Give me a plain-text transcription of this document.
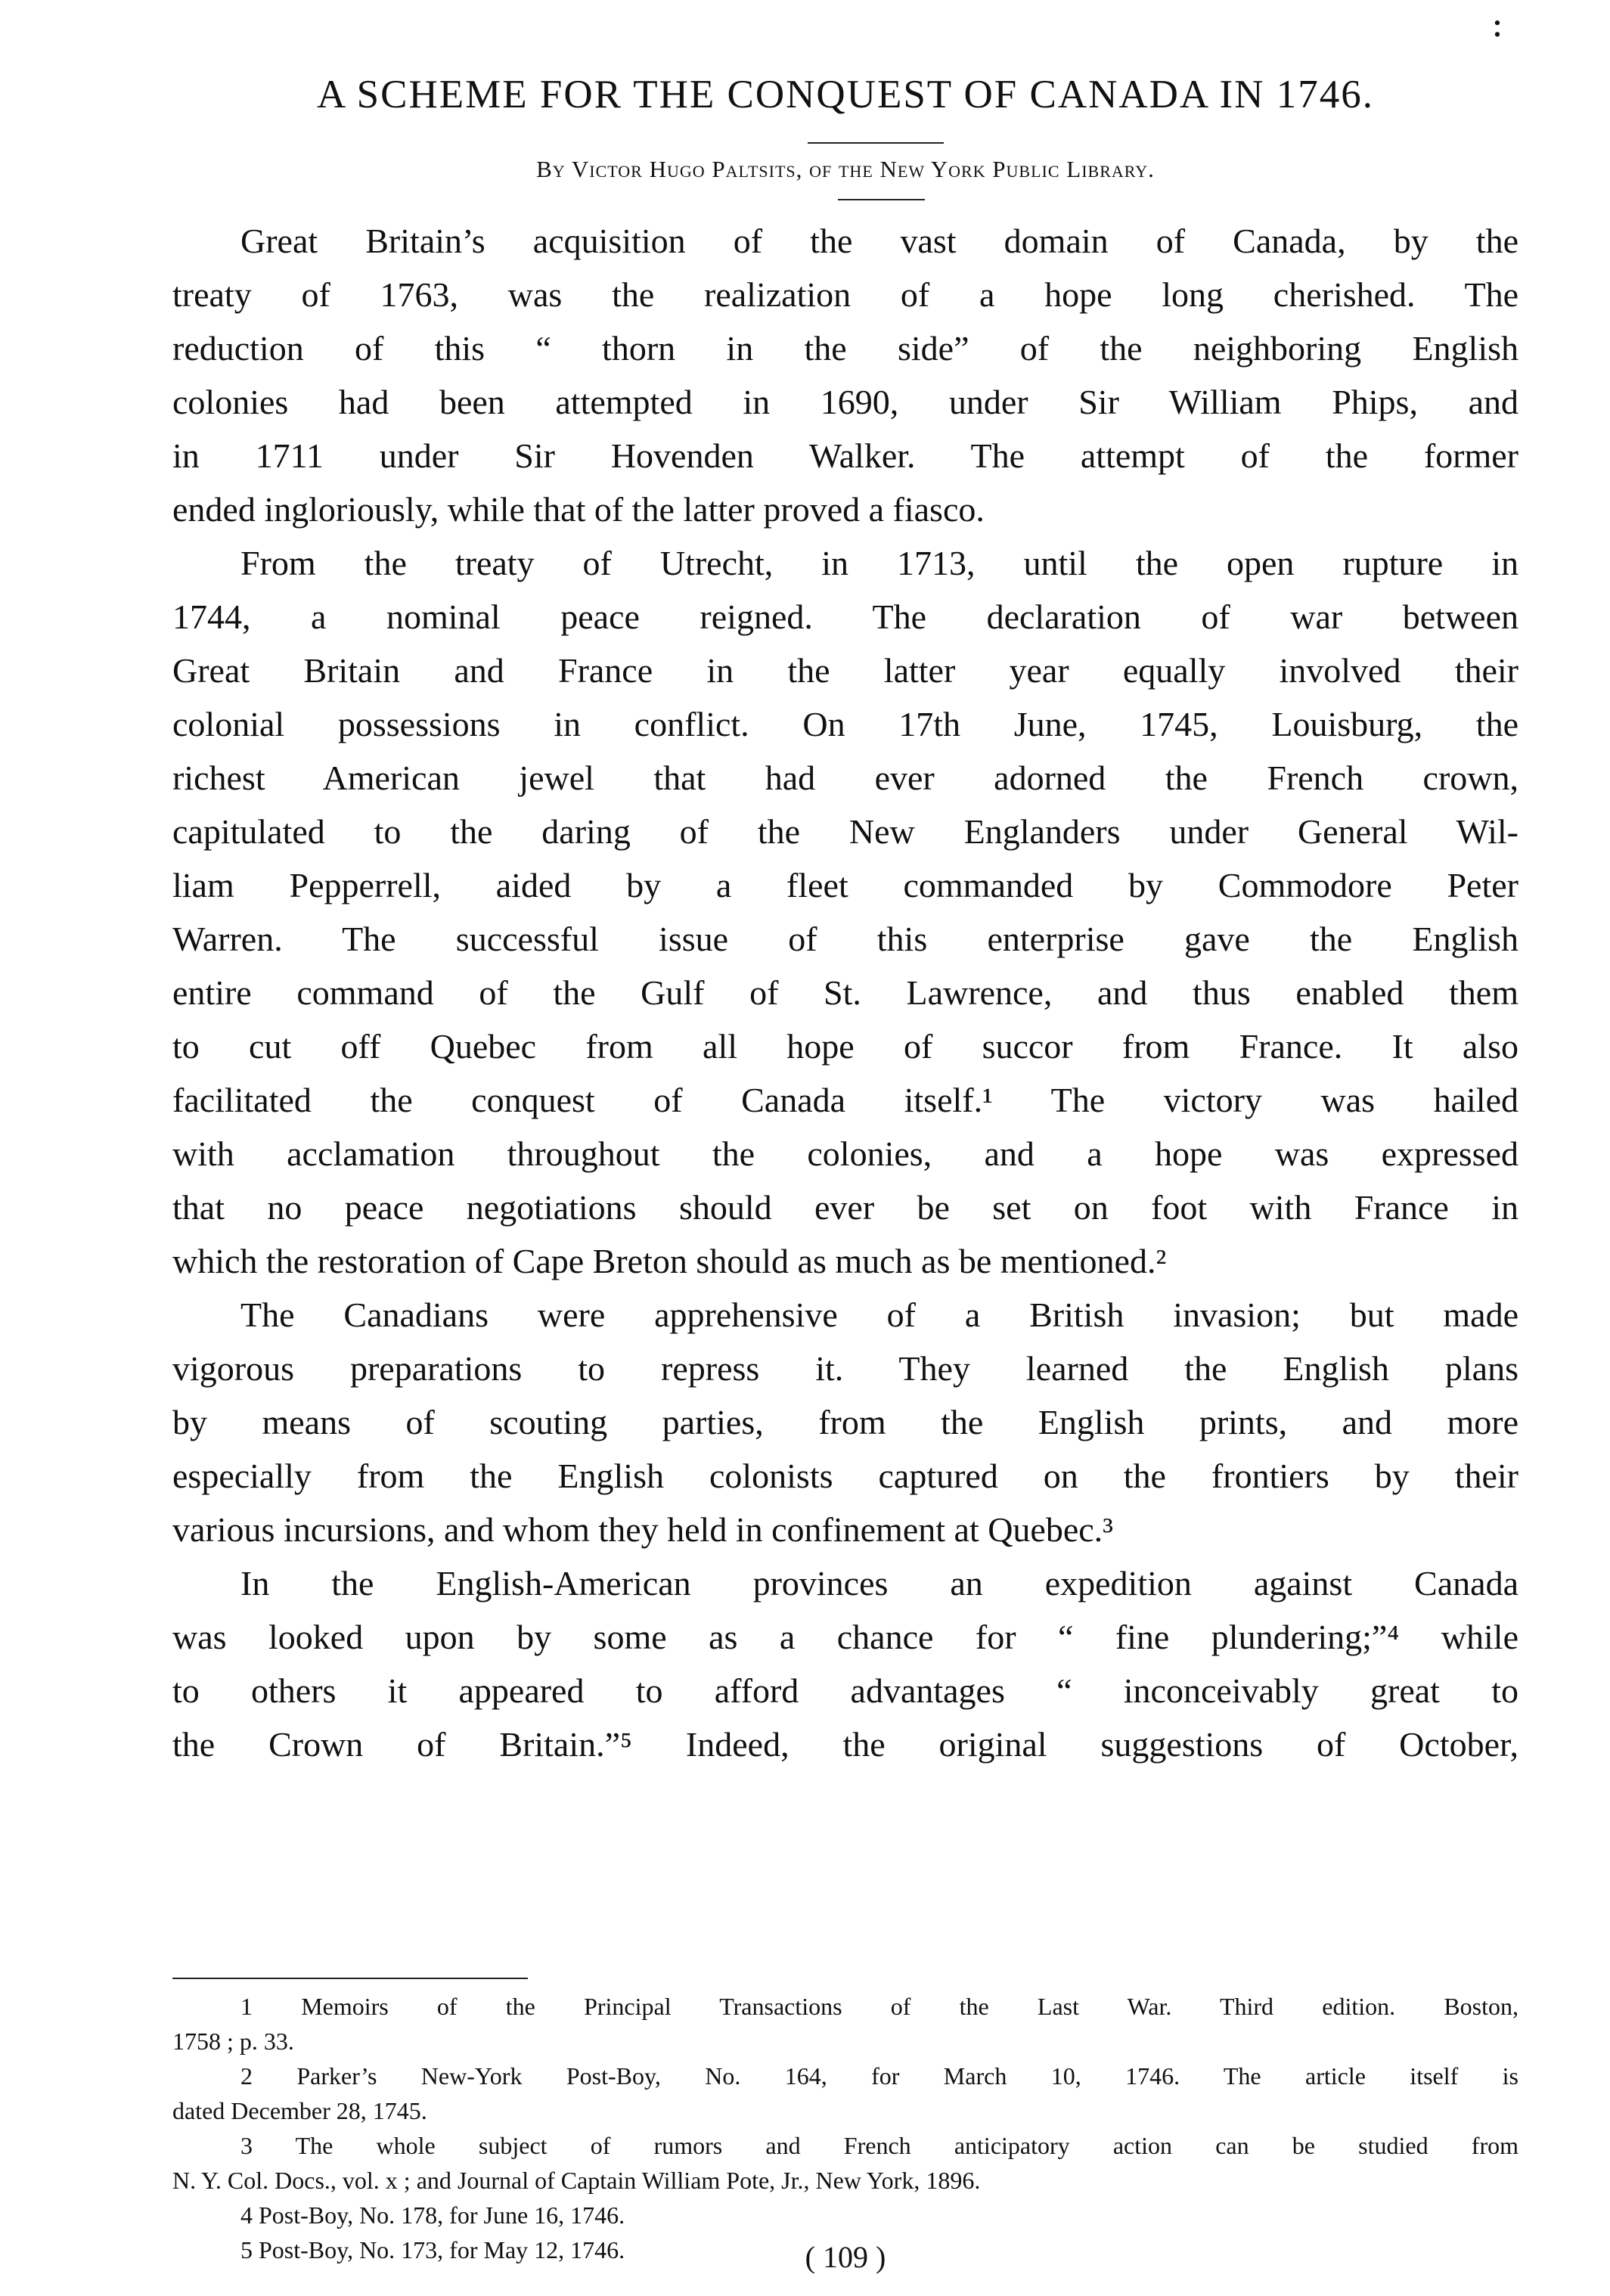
:
A SCHEME FOR THE CONQUEST OF CANADA IN 1746.
By Victor Hugo Paltsits, of the New York Public Library.
Great Britain’s acquisition of the vast domain of Canada, by the
treaty of 1763, was the realization of a hope long cherished. The
reduction of this “ thorn in the side” of the neighboring English
colonies had been attempted in 1690, under Sir William Phips, and
in 1711 under Sir Hovenden Walker. The attempt of the former
ended ingloriously, while that of the latter proved a fiasco.
From the treaty of Utrecht, in 1713, until the open rupture in
1744, a nominal peace reigned. The declaration of war between
Great Britain and France in the latter year equally involved their
colonial possessions in conflict. On 17th June, 1745, Louisburg, the
richest American jewel that had ever adorned the French crown,
capitulated to the daring of the New Englanders under General Wil-
liam Pepperrell, aided by a fleet commanded by Commodore Peter
Warren. The successful issue of this enterprise gave the English
entire command of the Gulf of St. Lawrence, and thus enabled them
to cut off Quebec from all hope of succor from France. It also
facilitated the conquest of Canada itself.¹ The victory was hailed
with acclamation throughout the colonies, and a hope was expressed
that no peace negotiations should ever be set on foot with France in
which the restoration of Cape Breton should as much as be mentioned.²
The Canadians were apprehensive of a British invasion; but made
vigorous preparations to repress it. They learned the English plans
by means of scouting parties, from the English prints, and more
especially from the English colonists captured on the frontiers by their
various incursions, and whom they held in confinement at Quebec.³
In the English-American provinces an expedition against Canada
was looked upon by some as a chance for “ fine plundering;”⁴ while
to others it appeared to afford advantages “ inconceivably great to
the Crown of Britain.”⁵ Indeed, the original suggestions of October,
1 Memoirs of the Principal Transactions of the Last War. Third edition. Boston,
1758 ; p. 33.
2 Parker’s New-York Post-Boy, No. 164, for March 10, 1746. The article itself is
dated December 28, 1745.
3 The whole subject of rumors and French anticipatory action can be studied from
N. Y. Col. Docs., vol. x ; and Journal of Captain William Pote, Jr., New York, 1896.
4 Post-Boy, No. 178, for June 16, 1746.
5 Post-Boy, No. 173, for May 12, 1746.	( 109 )
